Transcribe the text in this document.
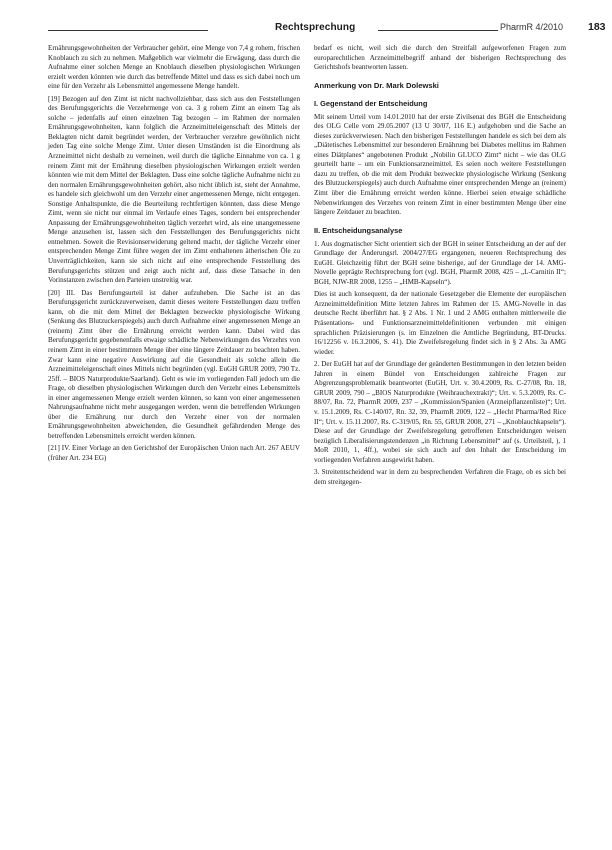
Rechtsprechung	PharmR 4/2010 183

Ernährungsgewohnheiten der Verbraucher gehört, eine Menge von 7,4 g rohem, frischen Knoblauch zu sich zu nehmen. Maßgeblich war vielmehr die Erwägung, dass durch die Aufnahme einer solchen Menge an Knoblauch dieselben physiologischen Wirkungen erzielt werden könnten wie durch das betreffende Mittel und dass es sich dabei noch um eine für den Verzehr als Lebensmittel angemessene Menge handelt.

[19] Bezogen auf den Zimt ist nicht nachvollziehbar, dass sich aus den Feststellungen des Berufungsgerichts die Verzehrmenge von ca. 3 g rohem Zimt an einem Tag als solche – jedenfalls auf einen einzelnen Tag bezogen – im Rahmen der normalen Ernährungsgewohnheiten, kann folglich die Arzneimitteleigenschaft des Mittels der Beklagten nicht damit begründet werden, der Verbraucher verzehre gewöhnlich nicht jeden Tag eine solche Menge Zimt. Unter diesen Umständen ist die Einordnung als Arzneimittel nicht deshalb zu verneinen, weil durch die tägliche Einnahme von ca. 1 g reinem Zimt mit der Ernährung dieselben physiologischen Wirkungen erzielt werden könnten wie mit dem Mittel der Beklagten. Dass eine solche tägliche Aufnahme nicht zu den normalen Ernährungsgewohnheiten gehört, also nicht üblich ist, steht der Annahme, es handele sich gleichwohl um den Verzehr einer angemessenen Menge, nicht entgegen. Sonstige Anhaltspunkte, die die Beurteilung rechtfertigen könnten, dass diese Menge Zimt, wenn sie nicht nur einmal im Verlaufe eines Tages, sondern bei entsprechender Anpassung der Ernährungsgewohnheiten täglich verzehrt wird, als eine unangemessene Menge anzusehen ist, lassen sich den Feststellungen des Berufungsgerichts nicht entnehmen. Soweit die Revisionserwiderung geltend macht, der tägliche Verzehr einer entsprechenden Menge Zimt führe wegen der im Zimt enthaltenen ätherischen Öle zu Unverträglichkeiten, kann sie sich nicht auf eine entsprechende Feststellung des Berufungsgerichts stützen und zeigt auch nicht auf, dass diese Tatsache in den Vorinstanzen zwischen den Parteien unstreitig war.

[20] III. Das Berufungsurteil ist daher aufzuheben. Die Sache ist an das Berufungsgericht zurückzuverweisen, damit dieses weitere Feststellungen dazu treffen kann, ob die mit dem Mittel der Beklagten bezweckte physiologische Wirkung (Senkung des Blutzuckerspiegels) auch durch Aufnahme einer angemessenen Menge an (reinem) Zimt über die Ernährung erreicht werden kann. Dabei wird das Berufungsgericht gegebenenfalls etwaige schädliche Nebenwirkungen des Verzehrs von reinem Zimt in einer bestimmten Menge über eine längere Zeitdauer zu beachten haben. Zwar kann eine negative Auswirkung auf die Gesundheit als solche allein die Arzneimitteleigenschaft eines Mittels nicht begründen (vgl. EuGH GRUR 2009, 790 Tz. 25ff. – BIOS Naturprodukte/Saarland). Geht es wie im vorliegenden Fall jedoch um die Frage, ob dieselben physiologischen Wirkungen durch den Verzehr eines Lebensmittels in einer angemessenen Menge erzielt werden können, so kann von einer angemessenen Nahrungsaufnahme nicht mehr ausgegangen werden, wenn die betreffenden Wirkungen über die Ernährung nur durch den Verzehr einer von der normalen Ernährungsgewohnheiten abweichenden, die Gesundheit gefährdenden Menge des betreffenden Lebensmittels erreicht werden können.

[21] IV. Einer Vorlage an den Gerichtshof der Europäischen Union nach Art. 267 AEUV (früher Art. 234 EG)

bedarf es nicht, weil sich die durch den Streitfall aufgeworfenen Fragen zum europarechtlichen Arzneimittelbegriff anhand der bisherigen Rechtsprechung des Gerichtshofs beantworten lassen.

Anmerkung von Dr. Mark Dolewski
I. Gegenstand der Entscheidung

Mit seinem Urteil vom 14.01.2010 hat der erste Zivilsenat des BGH die Entscheidung des OLG Celle vom 29.05.2007 (13 U 30/07, 116 E.) aufgehoben und die Sache an dieses zurückverwiesen. Nach den bisherigen Feststellungen handele es sich bei dem als „Diätetisches Lebensmittel zur besonderen Ernährung bei Diabetes mellitus im Rahmen eines Diätplanes“ angebotenen Produkt „Nobilin GLUCO Zimt“ nicht – wie das OLG geurteilt hatte – um ein Funktionsarzneimittel. Es seien noch weitere Feststellungen dazu zu treffen, ob die mit dem Produkt bezweckte physiologische Wirkung (Senkung des Blutzuckerspiegels) auch durch Aufnahme einer entsprechenden Menge an (reinem) Zimt über die Ernährung erreicht werden könne. Hierbei seien etwaige schädliche Nebenwirkungen des Verzehrs von reinem Zimt in einer bestimmten Menge über eine längere Zeitdauer zu beachten.

II. Entscheidungsanalyse

1. Aus dogmatischer Sicht orientiert sich der BGH in seiner Entscheidung an der auf der Grundlage der Änderungsrl. 2004/27/EG ergangenen, neueren Rechtsprechung des EuGH. Gleichzeitig führt der BGH seine bisherige, auf der Grundlage der 14. AMG-Novelle geprägte Rechtsprechung fort (vgl. BGH, PharmR 2008, 425 – „L-Carnitin II“; BGH, NJW-RR 2008, 1255 – „HMB-Kapseln“).

Dies ist auch konsequent, da der nationale Gesetzgeber die Elemente der europäischen Arzneimitteldefinition Mitte letzten Jahres im Rahmen der 15. AMG-Novelle in das deutsche Recht überführt hat. § 2 Abs. 1 Nr. 1 und 2 AMG enthalten mittlerweile die Präsentations- und Funktionsarzneimitteldefinitionen verbunden mit einigen sprachlichen Präzisierungen (s. im Einzelnen die Amtliche Begründung, BT-Drucks. 16/12256 v. 16.3.2006, S. 41). Die Zweifelsregelung findet sich in § 2 Abs. 3a AMG wieder.

2. Der EuGH hat auf der Grundlage der geänderten Bestimmungen in den letzten beiden Jahren in einem Bündel von Entscheidungen zahlreiche Fragen zur Abgrenzungsproblematik beantwortet (EuGH, Urt. v. 30.4.2009, Rs. C-27/08, Rn. 18, GRUR 2009, 790 – „BIOS Naturprodukte (Weihrauchextrakt)“; Urt. v. 5.3.2009, Rs. C-88/07, Rn. 72, PharmR 2009, 237 – „Kommission/Spanien (Arzneipflanzenliste)“; Urt. v. 15.1.2009, Rs. C-140/07, Rn. 32, 39, PharmR 2009, 122 – „Hecht Pharma/Red Rice II“; Urt. v. 15.11.2007, Rs. C-319/05, Rn. 55, GRUR 2008, 271 – „Knoblauchkapseln“). Diese auf der Grundlage der Zweifelsregelung getroffenen Entscheidungen weisen bezüglich Liberalisierungstendenzen „in Richtung Lebensmittel“ auf (s. Urteilsteil, ), 1 MoR 2010, 1, 4ff.), wobei sie sich auch auf den Inhalt der Entscheidung im vorliegenden Verfahren ausgewirkt haben.

3. Streitentscheidend war in dem zu besprechenden Verfahren die Frage, ob es sich bei dem streitgegen-
